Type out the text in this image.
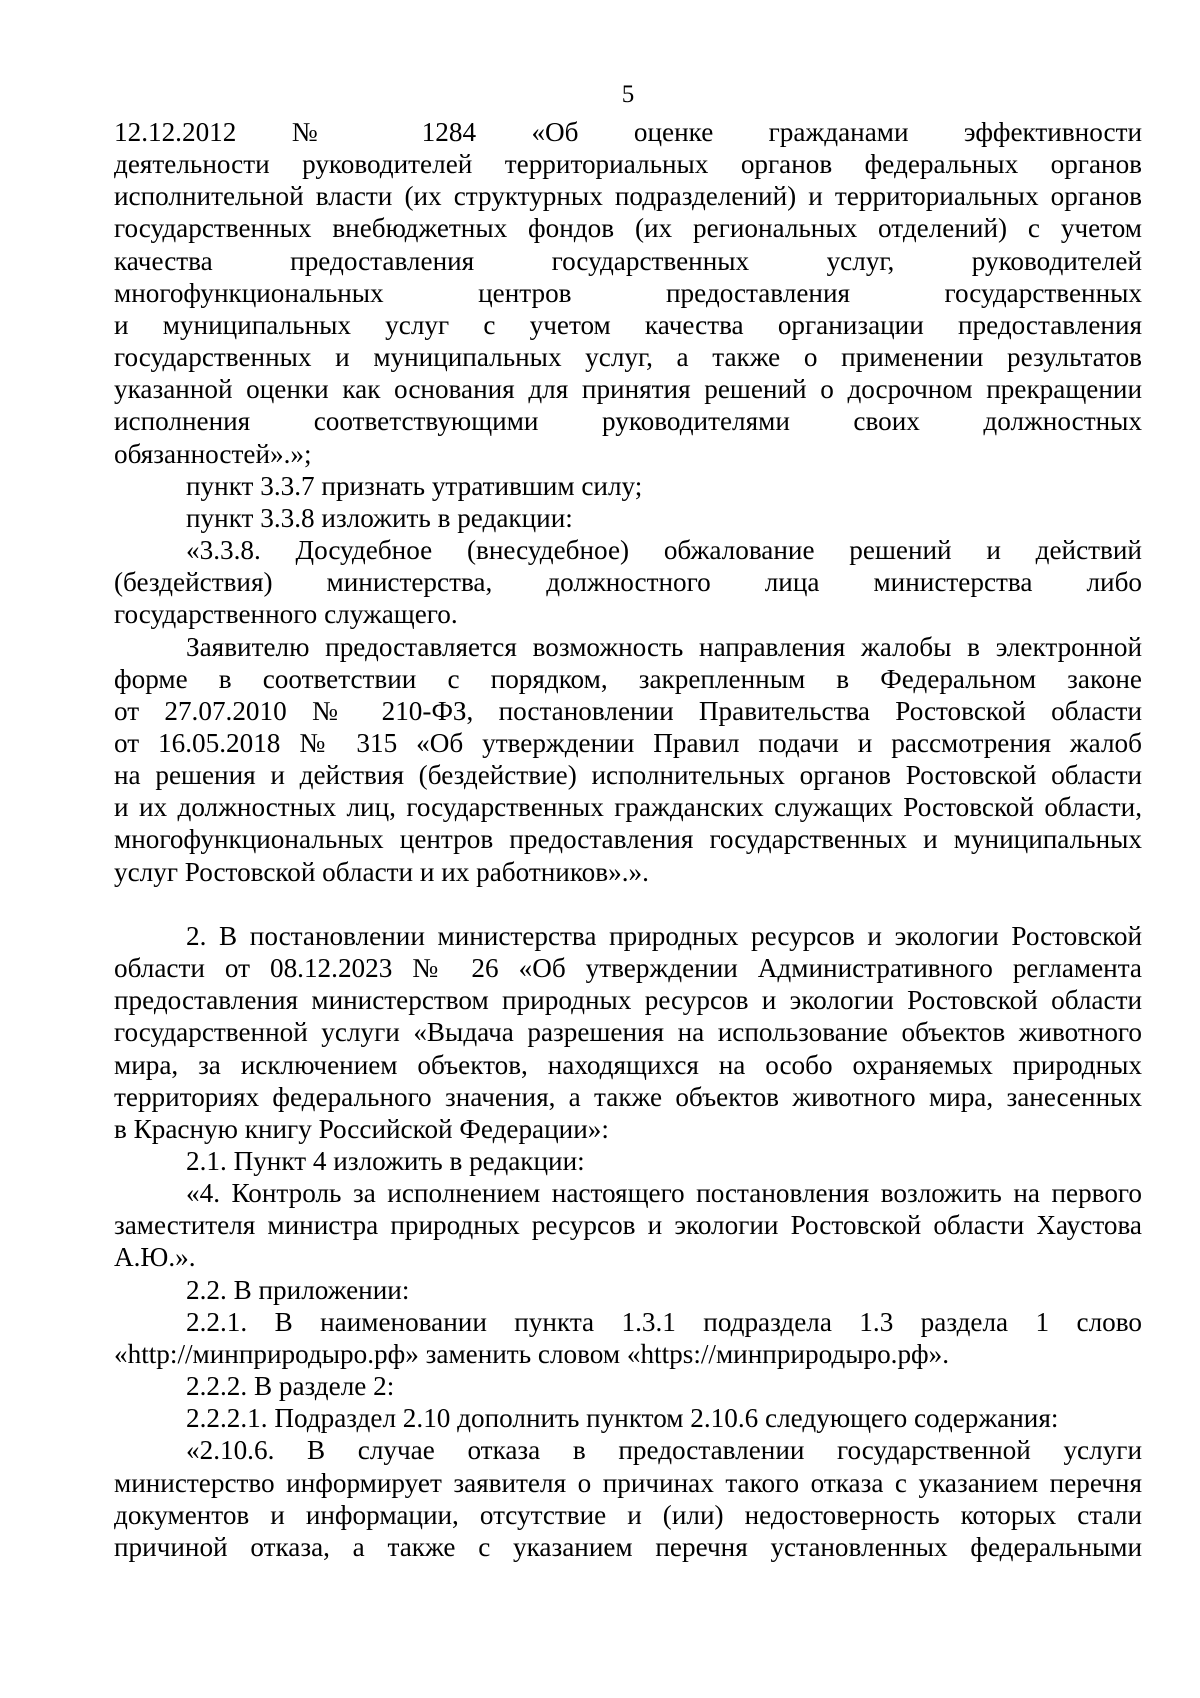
5

12.12.2012 № 1284 «Об оценке гражданами эффективности

деятельности руководителей территориальных органов федеральных органов

исполнительной власти (их структурных подразделений) и территориальных органов

государственных внебюджетных фондов (их региональных отделений) с учетом

качества предоставления государственных услуг, руководителей

многофункциональных центров предоставления государственных

и муниципальных услуг с учетом качества организации предоставления

государственных и муниципальных услуг, а также о применении результатов

указанной оценки как основания для принятия решений о досрочном прекращении

исполнения соответствующими руководителями своих должностных

обязанностей».»;

пункт 3.3.7 признать утратившим силу;

пункт 3.3.8 изложить в редакции:

«3.3.8. Досудебное (внесудебное) обжалование решений и действий

(бездействия) министерства, должностного лица министерства либо

государственного служащего.

Заявителю предоставляется возможность направления жалобы в электронной

форме в соответствии с порядком, закрепленным в Федеральном законе

от 27.07.2010 № 210-ФЗ, постановлении Правительства Ростовской области

от 16.05.2018 № 315 «Об утверждении Правил подачи и рассмотрения жалоб

на решения и действия (бездействие) исполнительных органов Ростовской области

и их должностных лиц, государственных гражданских служащих Ростовской области,

многофункциональных центров предоставления государственных и муниципальных

услуг Ростовской области и их работников».».

2. В постановлении министерства природных ресурсов и экологии Ростовской

области от 08.12.2023 № 26 «Об утверждении Административного регламента

предоставления министерством природных ресурсов и экологии Ростовской области

государственной услуги «Выдача разрешения на использование объектов животного

мира, за исключением объектов, находящихся на особо охраняемых природных

территориях федерального значения, а также объектов животного мира, занесенных

в Красную книгу Российской Федерации»:

2.1. Пункт 4 изложить в редакции:

«4. Контроль за исполнением настоящего постановления возложить на первого

заместителя министра природных ресурсов и экологии Ростовской области Хаустова

А.Ю.».

2.2. В приложении:

2.2.1. В наименовании пункта 1.3.1 подраздела 1.3 раздела 1 слово

«http://минприродыро.рф» заменить словом «https://минприродыро.рф».

2.2.2. В разделе 2:

2.2.2.1. Подраздел 2.10 дополнить пунктом 2.10.6 следующего содержания:

«2.10.6. В случае отказа в предоставлении государственной услуги

министерство информирует заявителя о причинах такого отказа с указанием перечня

документов и информации, отсутствие и (или) недостоверность которых стали

причиной отказа, а также с указанием перечня установленных федеральными
